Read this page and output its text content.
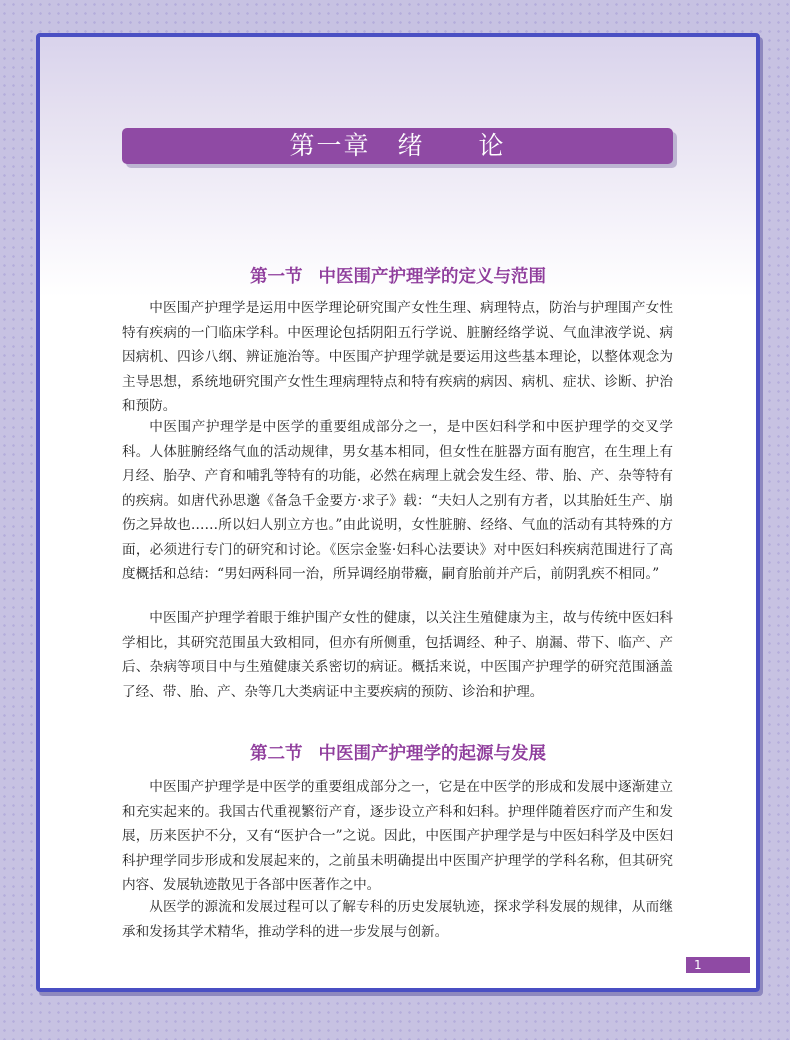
第一章　绪　　论
第一节 中医围产护理学的定义与范围

中医围产护理学是运用中医学理论研究围产女性生理、病理特点，防治与护理围产女性特有疾病的一门临床学科。中医理论包括阴阳五行学说、脏腑经络学说、气血津液学说、病因病机、四诊八纲、辨证施治等。中医围产护理学就是要运用这些基本理论，以整体观念为主导思想，系统地研究围产女性生理病理特点和特有疾病的病因、病机、症状、诊断、护治和预防。

中医围产护理学是中医学的重要组成部分之一，是中医妇科学和中医护理学的交叉学科。人体脏腑经络气血的活动规律，男女基本相同，但女性在脏器方面有胞宫，在生理上有月经、胎孕、产育和哺乳等特有的功能，必然在病理上就会发生经、带、胎、产、杂等特有的疾病。如唐代孙思邈《备急千金要方·求子》载：“夫妇人之别有方者，以其胎妊生产、崩伤之异故也……所以妇人别立方也。”由此说明，女性脏腑、经络、气血的活动有其特殊的方面，必须进行专门的研究和讨论。《医宗金鉴·妇科心法要诀》对中医妇科疾病范围进行了高度概括和总结：“男妇两科同一治，所异调经崩带癥，嗣育胎前并产后，前阴乳疾不相同。”

中医围产护理学着眼于维护围产女性的健康，以关注生殖健康为主，故与传统中医妇科学相比，其研究范围虽大致相同，但亦有所侧重，包括调经、种子、崩漏、带下、临产、产后、杂病等项目中与生殖健康关系密切的病证。概括来说，中医围产护理学的研究范围涵盖了经、带、胎、产、杂等几大类病证中主要疾病的预防、诊治和护理。

第二节 中医围产护理学的起源与发展

中医围产护理学是中医学的重要组成部分之一，它是在中医学的形成和发展中逐渐建立和充实起来的。我国古代重视繁衍产育，逐步设立产科和妇科。护理伴随着医疗而产生和发展，历来医护不分，又有“医护合一”之说。因此，中医围产护理学是与中医妇科学及中医妇科护理学同步形成和发展起来的，之前虽未明确提出中医围产护理学的学科名称，但其研究内容、发展轨迹散见于各部中医著作之中。

从医学的源流和发展过程可以了解专科的历史发展轨迹，探求学科发展的规律，从而继承和发扬其学术精华，推动学科的进一步发展与创新。

1
